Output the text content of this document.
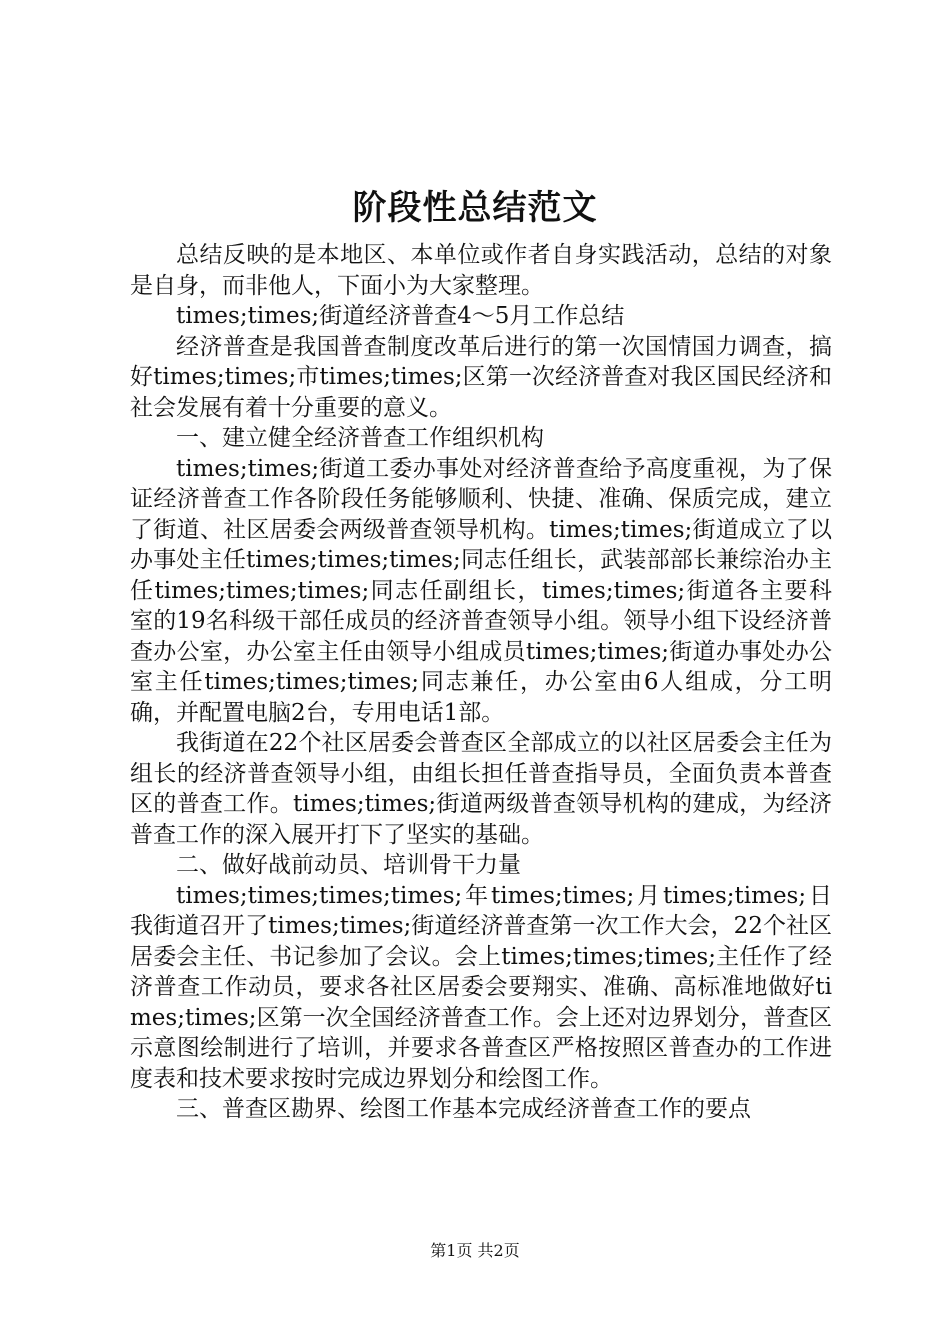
阶段性总结范文

总结反映的是本地区、本单位或作者自身实践活动，总结的对象是自身，而非他人，下面小为大家整理。

times;times;街道经济普查4～5月工作总结

经济普查是我国普查制度改革后进行的第一次国情国力调查，搞好times;times;市times;times;区第一次经济普查对我区国民经济和社会发展有着十分重要的意义。

一、建立健全经济普查工作组织机构

times;times;街道工委办事处对经济普查给予高度重视，为了保证经济普查工作各阶段任务能够顺利、快捷、准确、保质完成，建立了街道、社区居委会两级普查领导机构。times;times;街道成立了以办事处主任times;times;times;同志任组长，武装部部长兼综治办主任times;times;times;同志任副组长，times;times;街道各主要科室的19名科级干部任成员的经济普查领导小组。领导小组下设经济普查办公室，办公室主任由领导小组成员times;times;街道办事处办公室主任times;times;times;同志兼任，办公室由6人组成，分工明确，并配置电脑2台，专用电话1部。

我街道在22个社区居委会普查区全部成立的以社区居委会主任为组长的经济普查领导小组，由组长担任普查指导员，全面负责本普查区的普查工作。times;times;街道两级普查领导机构的建成，为经济普查工作的深入展开打下了坚实的基础。

二、做好战前动员、培训骨干力量

times;times;times;times;年times;times;月times;times;日我街道召开了times;times;街道经济普查第一次工作大会，22个社区居委会主任、书记参加了会议。会上times;times;times;主任作了经济普查工作动员，要求各社区居委会要翔实、准确、高标准地做好times;times;区第一次全国经济普查工作。会上还对边界划分，普查区示意图绘制进行了培训，并要求各普查区严格按照区普查办的工作进度表和技术要求按时完成边界划分和绘图工作。

三、普查区勘界、绘图工作基本完成经济普查工作的要点

第1页 共2页
